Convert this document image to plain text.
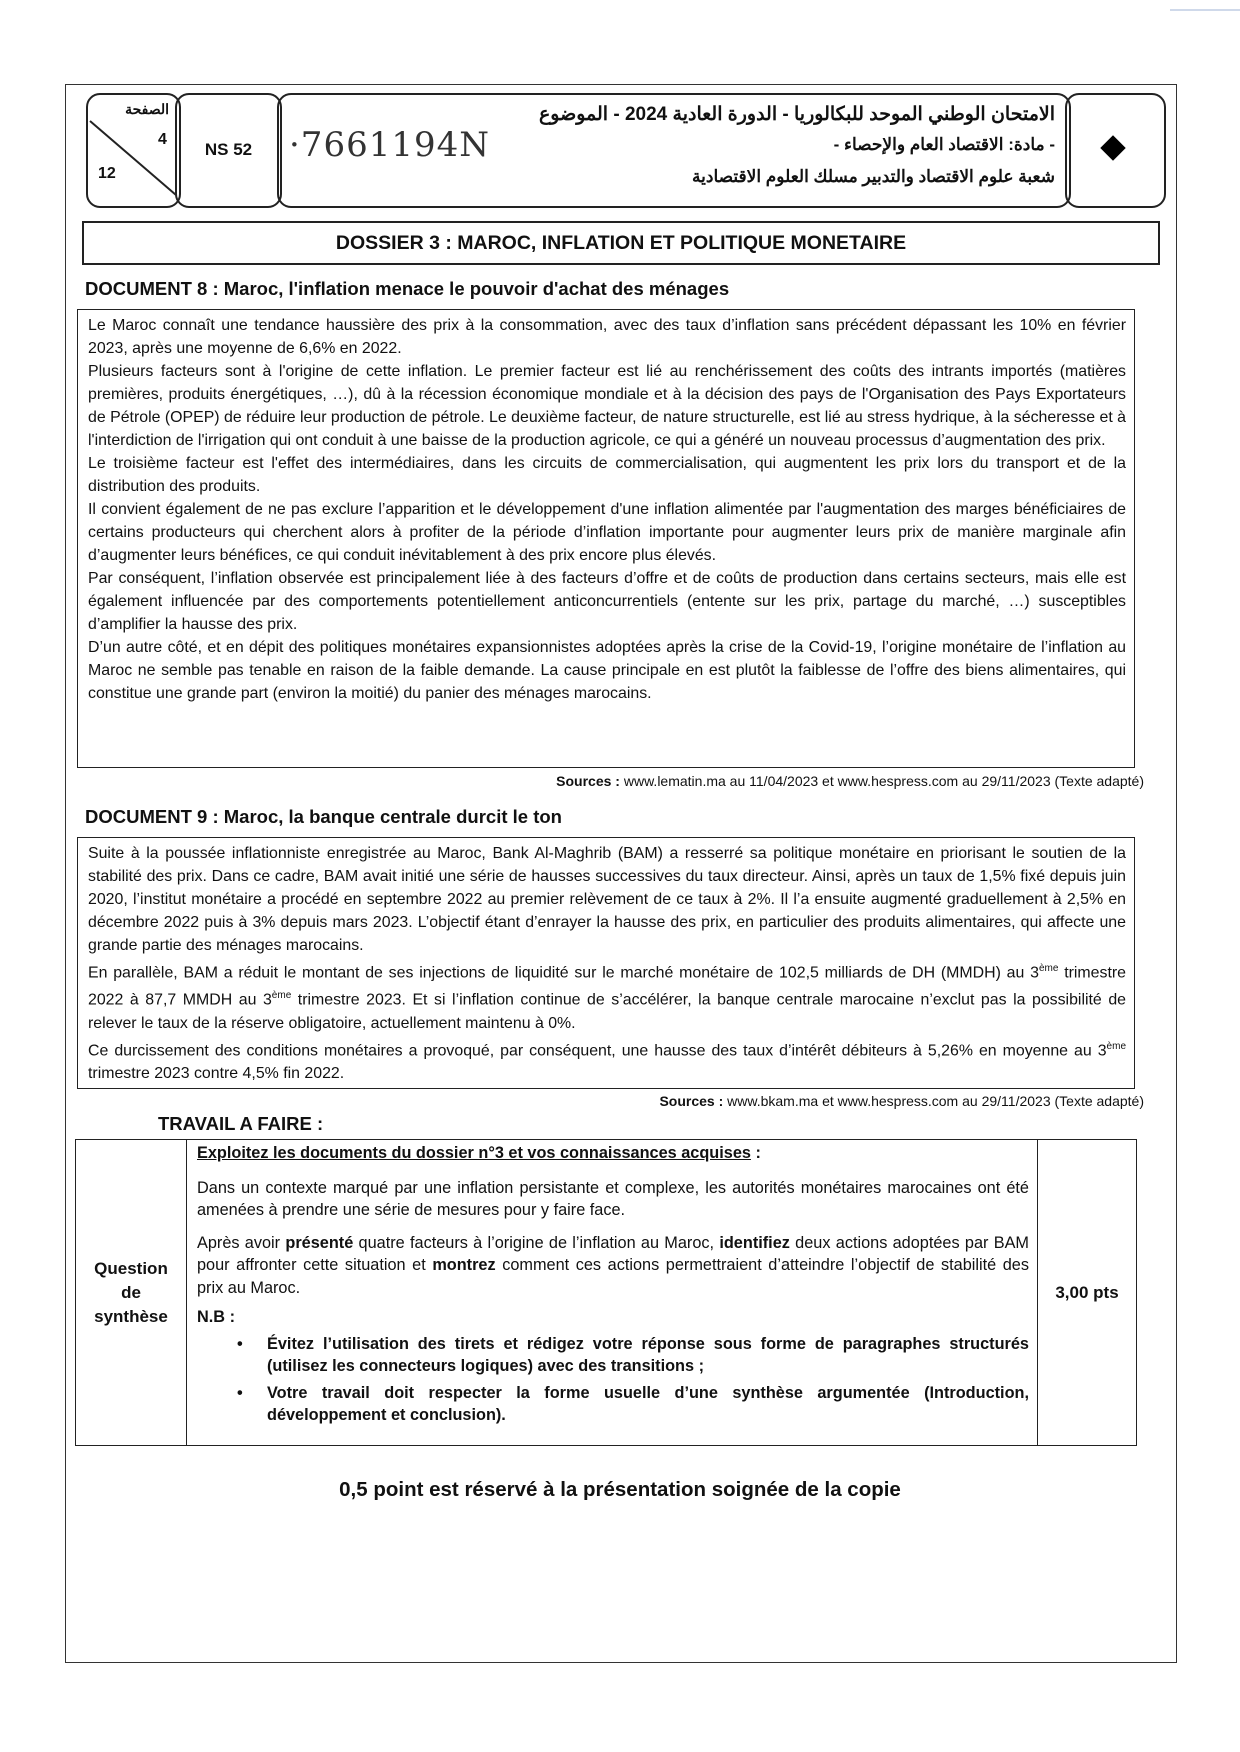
الصفحة
4
12
NS 52	·7661194N
الامتحان الوطني الموحد للبكالوريا - الدورة العادية 2024 - الموضوع
- مادة: الاقتصاد العام والإحصاء -
شعبة علوم الاقتصاد والتدبير مسلك العلوم الاقتصادية
DOSSIER 3 : MAROC, INFLATION ET POLITIQUE MONETAIRE
DOCUMENT 8 : Maroc, l'inflation menace le pouvoir d'achat des ménages

Le Maroc connaît une tendance haussière des prix à la consommation, avec des taux d’inflation sans précédent dépassant les 10% en février 2023, après une moyenne de 6,6% en 2022.

Plusieurs facteurs sont à l'origine de cette inflation. Le premier facteur est lié au renchérissement des coûts des intrants importés (matières premières, produits énergétiques, …), dû à la récession économique mondiale et à la décision des pays de l'Organisation des Pays Exportateurs de Pétrole (OPEP) de réduire leur production de pétrole. Le deuxième facteur, de nature structurelle, est lié au stress hydrique, à la sécheresse et à l'interdiction de l'irrigation qui ont conduit à une baisse de la production agricole, ce qui a généré un nouveau processus d’augmentation des prix.

Le troisième facteur est l'effet des intermédiaires, dans les circuits de commercialisation, qui augmentent les prix lors du transport et de la distribution des produits.

Il convient également de ne pas exclure l’apparition et le développement d'une inflation alimentée par l'augmentation des marges bénéficiaires de certains producteurs qui cherchent alors à profiter de la période d’inflation importante pour augmenter leurs prix de manière marginale afin d’augmenter leurs bénéfices, ce qui conduit inévitablement à des prix encore plus élevés.

Par conséquent, l’inflation observée est principalement liée à des facteurs d’offre et de coûts de production dans certains secteurs, mais elle est également influencée par des comportements potentiellement anticoncurrentiels (entente sur les prix, partage du marché, …) susceptibles d’amplifier la hausse des prix.

D’un autre côté, et en dépit des politiques monétaires expansionnistes adoptées après la crise de la Covid-19, l’origine monétaire de l’inflation au Maroc ne semble pas tenable en raison de la faible demande. La cause principale en est plutôt la faiblesse de l’offre des biens alimentaires, qui constitue une grande part (environ la moitié) du panier des ménages marocains.

Sources : www.lematin.ma au 11/04/2023 et www.hespress.com au 29/11/2023 (Texte adapté)
DOCUMENT 9 : Maroc, la banque centrale durcit le ton

Suite à la poussée inflationniste enregistrée au Maroc, Bank Al-Maghrib (BAM) a resserré sa politique monétaire en priorisant le soutien de la stabilité des prix. Dans ce cadre, BAM avait initié une série de hausses successives du taux directeur. Ainsi, après un taux de 1,5% fixé depuis juin 2020, l’institut monétaire a procédé en septembre 2022 au premier relèvement de ce taux à 2%. Il l’a ensuite augmenté graduellement à 2,5% en décembre 2022 puis à 3% depuis mars 2023. L’objectif étant d’enrayer la hausse des prix, en particulier des produits alimentaires, qui affecte une grande partie des ménages marocains.

En parallèle, BAM a réduit le montant de ses injections de liquidité sur le marché monétaire de 102,5 milliards de DH (MMDH) au 3ème trimestre 2022 à 87,7 MMDH au 3ème trimestre 2023. Et si l’inflation continue de s’accélérer, la banque centrale marocaine n’exclut pas la possibilité de relever le taux de la réserve obligatoire, actuellement maintenu à 0%.

Ce durcissement des conditions monétaires a provoqué, par conséquent, une hausse des taux d’intérêt débiteurs à 5,26% en moyenne au 3ème trimestre 2023 contre 4,5% fin 2022.

Sources : www.bkam.ma et www.hespress.com au 29/11/2023 (Texte adapté)
TRAVAIL A FAIRE :
Question
de
synthèse

Exploitez les documents du dossier n°3 et vos connaissances acquises :

Dans un contexte marqué par une inflation persistante et complexe, les autorités monétaires marocaines ont été amenées à prendre une série de mesures pour y faire face.

Après avoir présenté quatre facteurs à l’origine de l’inflation au Maroc, identifiez deux actions adoptées par BAM pour affronter cette situation et montrez comment ces actions permettraient d’atteindre l’objectif de stabilité des prix au Maroc.

N.B :
• Évitez l’utilisation des tirets et rédigez votre réponse sous forme de paragraphes structurés (utilisez les connecteurs logiques) avec des transitions ;
• Votre travail doit respecter la forme usuelle d’une synthèse argumentée (Introduction, développement et conclusion).
	3,00 pts
0,5 point est réservé à la présentation soignée de la copie
